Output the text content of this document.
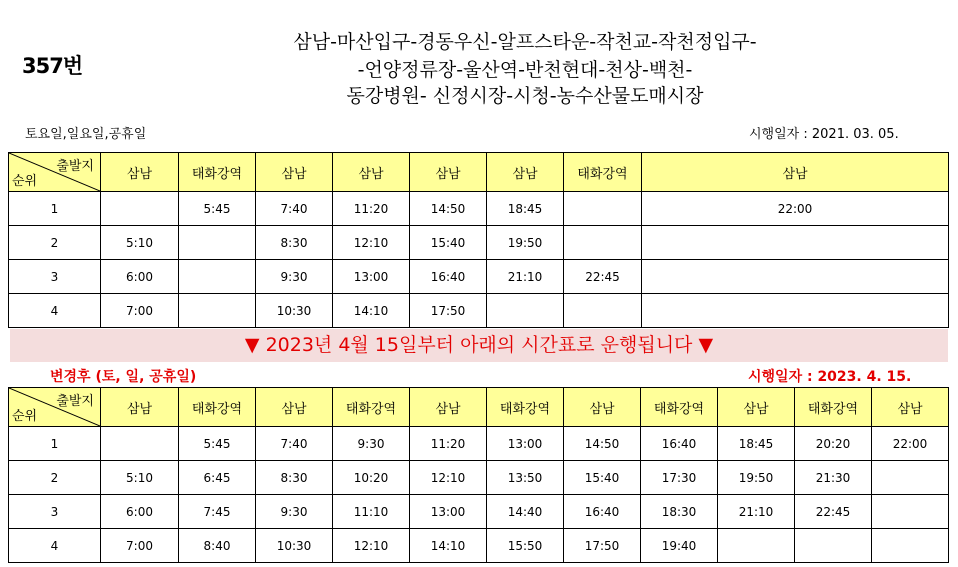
357번
삼남-마산입구-경동우신-알프스타운-작천교-작천정입구-
-언양정류장-울산역-반천현대-천상-백천-
동강병원- 신정시장-시청-농수산물도매시장
토요일,일요일,공휴일	시행일자 : 2021. 03. 05.
출발지
순위	삼남	태화강역	삼남	삼남	삼남	삼남	태화강역	삼남
1		5:45	7:40	11:20	14:50	18:45		22:00
2	5:10		8:30	12:10	15:40	19:50		
3	6:00		9:30	13:00	16:40	21:10	22:45	
4	7:00		10:30	14:10	17:50			
▼ 2023년 4월 15일부터 아래의 시간표로 운행됩니다 ▼
변경후 (토, 일, 공휴일)	시행일자 : 2023. 4. 15.
출발지
순위	삼남	태화강역	삼남	태화강역	삼남	태화강역	삼남	태화강역	삼남	태화강역	삼남
1		5:45	7:40	9:30	11:20	13:00	14:50	16:40	18:45	20:20	22:00
2	5:10	6:45	8:30	10:20	12:10	13:50	15:40	17:30	19:50	21:30	
3	6:00	7:45	9:30	11:10	13:00	14:40	16:40	18:30	21:10	22:45	
4	7:00	8:40	10:30	12:10	14:10	15:50	17:50	19:40			
